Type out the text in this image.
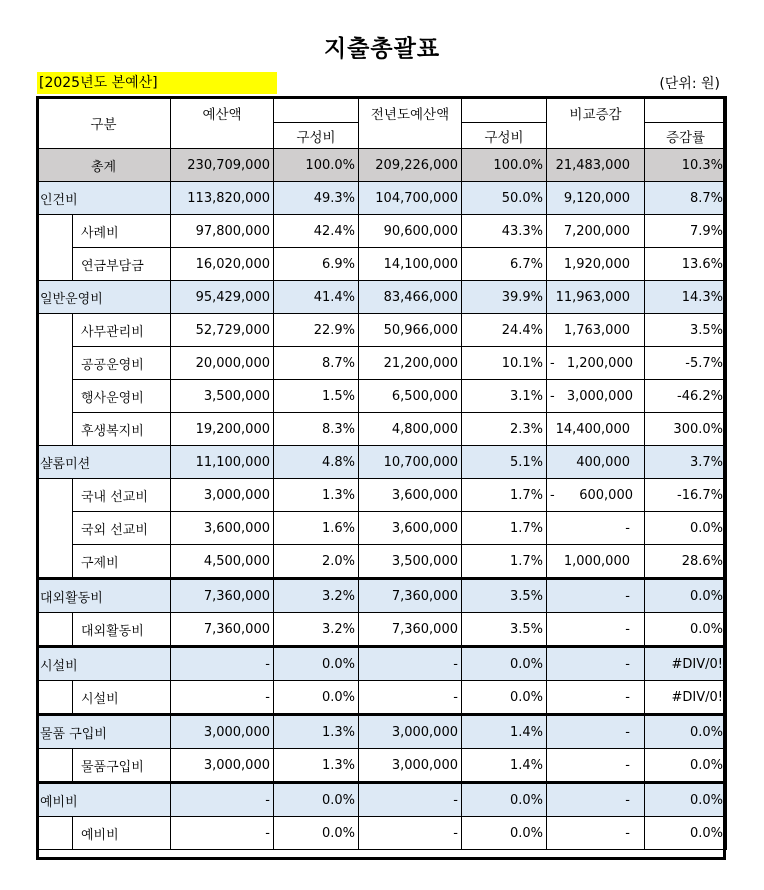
지출총괄표
[2025년도 본예산]	(단위: 원)
구분		예산액		전년도예산액		비교증감	
			구성비		구성비		증감률
총계		230,709,000	100.0%	209,226,000	100.0%	21,483,000	10.3%
인건비		113,820,000	49.3%	104,700,000	50.0%	9,120,000	8.7%
	사례비	97,800,000	42.4%	90,600,000	43.3%	7,200,000	7.9%
	연금부담금	16,020,000	6.9%	14,100,000	6.7%	1,920,000	13.6%
일반운영비		95,429,000	41.4%	83,466,000	39.9%	11,963,000	14.3%
	사무관리비	52,729,000	22.9%	50,966,000	24.4%	1,763,000	3.5%
	공공운영비	20,000,000	8.7%	21,200,000	10.1%	- 1,200,000	-5.7%
	행사운영비	3,500,000	1.5%	6,500,000	3.1%	- 3,000,000	-46.2%
	후생복지비	19,200,000	8.3%	4,800,000	2.3%	14,400,000	300.0%
샬롬미션		11,100,000	4.8%	10,700,000	5.1%	400,000	3.7%
	국내 선교비	3,000,000	1.3%	3,600,000	1.7%	- 600,000	-16.7%
	국외 선교비	3,600,000	1.6%	3,600,000	1.7%	-	0.0%
	구제비	4,500,000	2.0%	3,500,000	1.7%	1,000,000	28.6%
대외활동비		7,360,000	3.2%	7,360,000	3.5%	-	0.0%
	대외활동비	7,360,000	3.2%	7,360,000	3.5%	-	0.0%
시설비		-	0.0%	-	0.0%	-	#DIV/0!
	시설비	-	0.0%	-	0.0%	-	#DIV/0!
물품 구입비		3,000,000	1.3%	3,000,000	1.4%	-	0.0%
	물품구입비	3,000,000	1.3%	3,000,000	1.4%	-	0.0%
예비비		-	0.0%	-	0.0%	-	0.0%
	예비비	-	0.0%	-	0.0%	-	0.0%
